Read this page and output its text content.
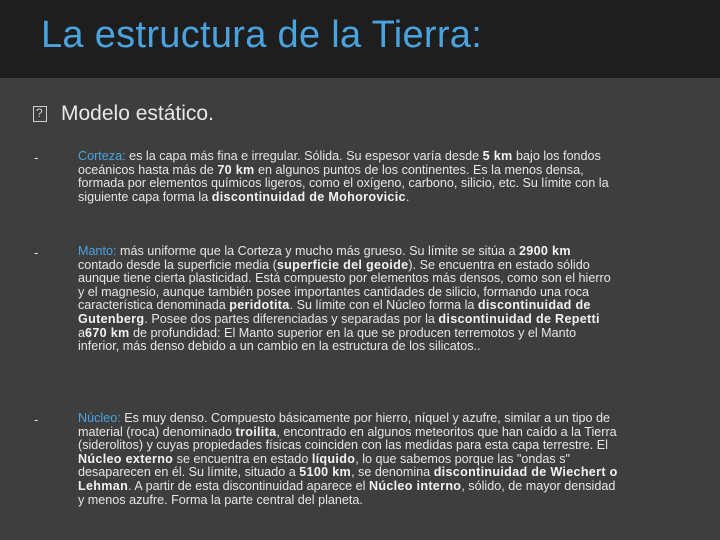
La estructura de la Tierra:
?
Modelo estático.
-	Corteza: es la capa más fina e irregular. Sólida. Su espesor varía desde 5 km bajo los fondos oceánicos hasta más de 70 km en algunos puntos de los continentes. Es la menos densa, formada por elementos químicos ligeros, como el oxígeno, carbono, silicio, etc. Su límite con la siguiente capa forma la discontinuidad de Mohorovicic.
-	Manto: más uniforme que la Corteza y mucho más grueso. Su límite se sitúa a 2900 km contado desde la superficie media (superficie del geoide). Se encuentra en estado sólido aunque tiene cierta plasticidad. Está compuesto por elementos más densos, como son el hierro y el magnesio, aunque también posee importantes cantidades de silicio, formando una roca característica denominada peridotita. Su límite con el Núcleo forma la discontinuidad de Gutenberg. Posee dos partes diferenciadas y separadas por la discontinuidad de Repetti a670 km de profundidad: El Manto superior en la que se producen terremotos y el Manto inferior, más denso debido a un cambio en la estructura de los silicatos..
-	Núcleo: Es muy denso. Compuesto básicamente por hierro, níquel y azufre, similar a un tipo de material (roca) denominado troilita, encontrado en algunos meteoritos que han caído a la Tierra (siderolitos) y cuyas propiedades físicas coinciden con las medidas para esta capa terrestre. El Núcleo externo se encuentra en estado líquido, lo que sabemos porque las "ondas s" desaparecen en él. Su límite, situado a 5100 km, se denomina discontinuidad de Wiechert o Lehman. A partir de esta discontinuidad aparece el Núcleo interno, sólido, de mayor densidad y menos azufre. Forma la parte central del planeta.
